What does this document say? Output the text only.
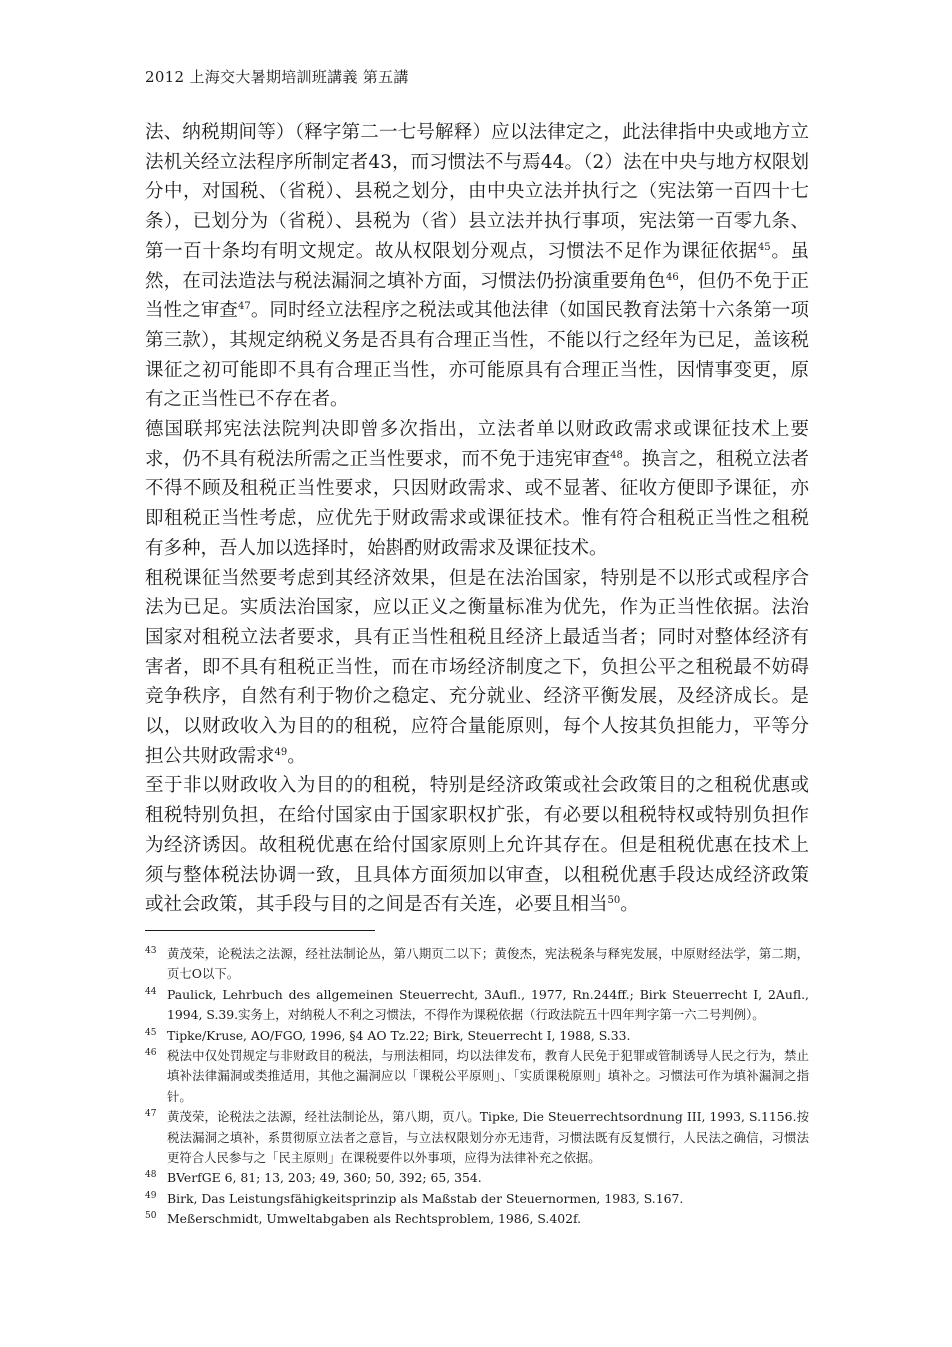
2012 上海交大暑期培訓班講義 第五講

法、纳税期间等）（释字第二一七号解释）应以法律定之，此法律指中央或地方立法机关经立法程序所制定者43，而习惯法不与焉44。（2）法在中央与地方权限划分中，对国税、（省税）、县税之划分，由中央立法并执行之（宪法第一百四十七条），已划分为（省税）、县税为（省）县立法并执行事项，宪法第一百零九条、第一百十条均有明文规定。故从权限划分观点，习惯法不足作为课征依据$^{45}$。虽然，在司法造法与税法漏洞之填补方面，习惯法仍扮演重要角色$^{46}$，但仍不免于正当性之审查$^{47}$。同时经立法程序之税法或其他法律（如国民教育法第十六条第一项第三款），其规定纳税义务是否具有合理正当性，不能以行之经年为已足，盖该税课征之初可能即不具有合理正当性，亦可能原具有合理正当性，因情事变更，原有之正当性已不存在者。

德国联邦宪法法院判决即曾多次指出，立法者单以财政政需求或课征技术上要求，仍不具有税法所需之正当性要求，而不免于违宪审查$^{48}$。换言之，租税立法者不得不顾及租税正当性要求，只因财政需求、或不显著、征收方便即予课征，亦即租税正当性考虑，应优先于财政需求或课征技术。惟有符合租税正当性之租税有多种，吾人加以选择时，始斟酌财政需求及课征技术。

租税课征当然要考虑到其经济效果，但是在法治国家，特别是不以形式或程序合法为已足。实质法治国家，应以正义之衡量标准为优先，作为正当性依据。法治国家对租税立法者要求，具有正当性租税且经济上最适当者；同时对整体经济有害者，即不具有租税正当性，而在市场经济制度之下，负担公平之租税最不妨碍竞争秩序，自然有利于物价之稳定、充分就业、经济平衡发展，及经济成长。是以，以财政收入为目的的租税，应符合量能原则，每个人按其负担能力，平等分担公共财政需求$^{49}$。

至于非以财政收入为目的的租税，特别是经济政策或社会政策目的之租税优惠或租税特别负担，在给付国家由于国家职权扩张，有必要以租税特权或特别负担作为经济诱因。故租税优惠在给付国家原则上允许其存在。但是租税优惠在技术上须与整体税法协调一致，且具体方面须加以审查，以租税优惠手段达成经济政策或社会政策，其手段与目的之间是否有关连，必要且相当$^{50}$。

43 黄茂荣，论税法之法源，经社法制论丛，第八期页二以下；黄俊杰，宪法税条与释宪发展，中原财经法学，第二期，页七O以下。
44 Paulick, Lehrbuch des allgemeinen Steuerrecht, 3Aufl., 1977, Rn.244ff.; Birk Steuerrecht I, 2Aufl., 1994, S.39.实务上，对纳税人不利之习惯法，不得作为课税依据（行政法院五十四年判字第一六二号判例）。
45 Tipke/Kruse, AO/FGO, 1996, §4 AO Tz.22; Birk, Steuerrecht I, 1988, S.33.
46 税法中仅处罚规定与非财政目的税法，与刑法相同，均以法律发布，教育人民免于犯罪或管制诱导人民之行为，禁止填补法律漏洞或类推适用，其他之漏洞应以「课税公平原则」、「实质课税原则」填补之。习惯法可作为填补漏洞之指针。
47 黄茂荣，论税法之法源，经社法制论丛，第八期，页八。Tipke, Die Steuerrechtsordnung III, 1993, S.1156.按税法漏洞之填补，系贯彻原立法者之意旨，与立法权限划分亦无违背，习惯法既有反复惯行，人民法之确信，习惯法更符合人民参与之「民主原则」在课税要件以外事项，应得为法律补充之依据。
48 BVerfGE 6, 81; 13, 203; 49, 360; 50, 392; 65, 354.
49 Birk, Das Leistungsfähigkeitsprinzip als Maßstab der Steuernormen, 1983, S.167.
50 Meßerschmidt, Umweltabgaben als Rechtsproblem, 1986, S.402f.
